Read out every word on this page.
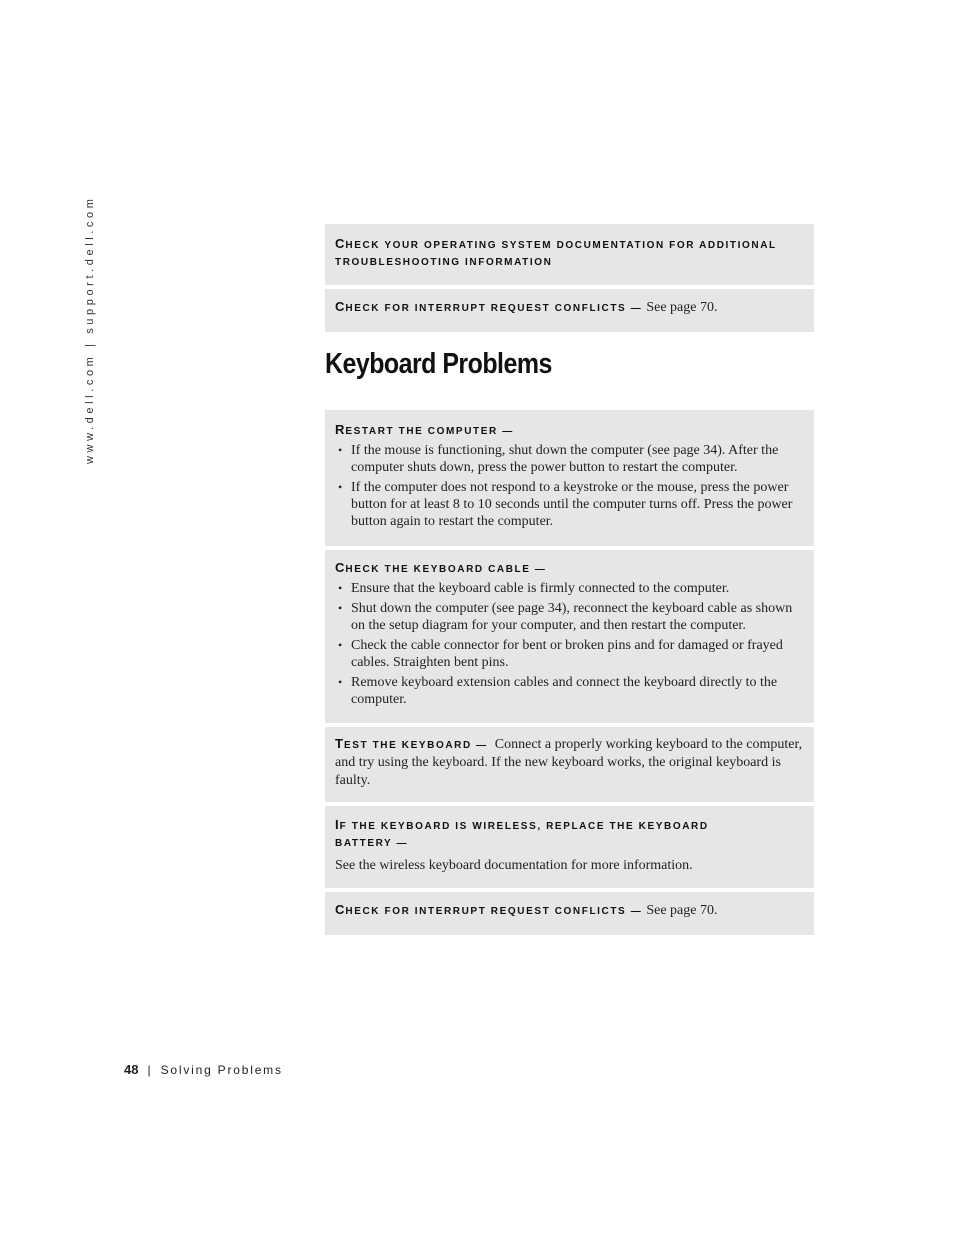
www.dell.com | support.dell.com	CHECK YOUR OPERATING SYSTEM DOCUMENTATION FOR ADDITIONAL TROUBLESHOOTING INFORMATION
CHECK FOR INTERRUPT REQUEST CONFLICTS — See page 70.
Keyboard Problems
RESTART THE COMPUTER —
• If the mouse is functioning, shut down the computer (see page 34). After the computer shuts down, press the power button to restart the computer.
• If the computer does not respond to a keystroke or the mouse, press the power button for at least 8 to 10 seconds until the computer turns off. Press the power button again to restart the computer.
CHECK THE KEYBOARD CABLE —
• Ensure that the keyboard cable is firmly connected to the computer.
• Shut down the computer (see page 34), reconnect the keyboard cable as shown on the setup diagram for your computer, and then restart the computer.
• Check the cable connector for bent or broken pins and for damaged or frayed cables. Straighten bent pins.
• Remove keyboard extension cables and connect the keyboard directly to the computer.
TEST THE KEYBOARD — Connect a properly working keyboard to the computer, and try using the keyboard. If the new keyboard works, the original keyboard is faulty.
IF THE KEYBOARD IS WIRELESS, REPLACE THE KEYBOARD BATTERY —
See the wireless keyboard documentation for more information.
CHECK FOR INTERRUPT REQUEST CONFLICTS — See page 70.
48 | Solving Problems
